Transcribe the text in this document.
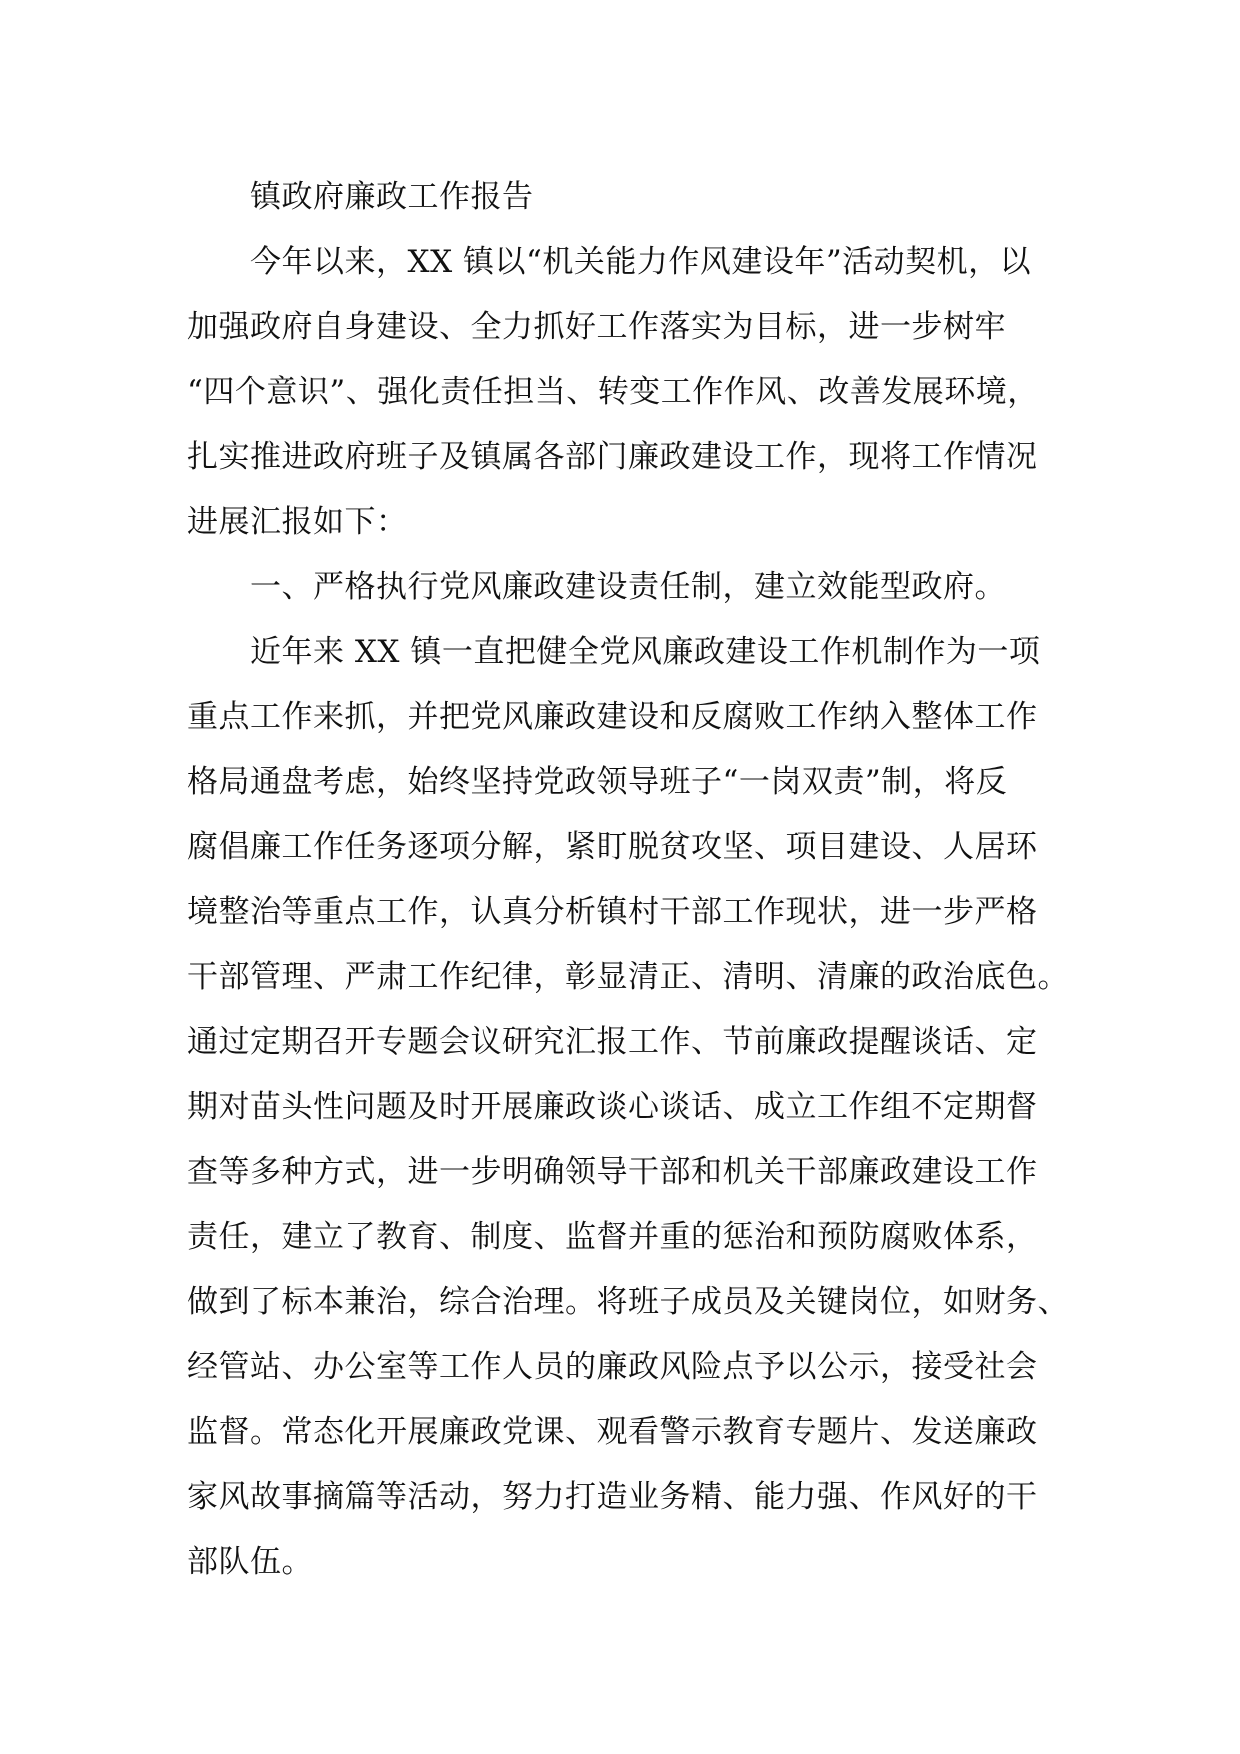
镇政府廉政工作报告
今年以来，XX 镇以“机关能力作风建设年”活动契机，以
加强政府自身建设、全力抓好工作落实为目标，进一步树牢
“四个意识”、强化责任担当、转变工作作风、改善发展环境，
扎实推进政府班子及镇属各部门廉政建设工作，现将工作情况
进展汇报如下：
一、严格执行党风廉政建设责任制，建立效能型政府。
近年来 XX 镇一直把健全党风廉政建设工作机制作为一项
重点工作来抓，并把党风廉政建设和反腐败工作纳入整体工作
格局通盘考虑，始终坚持党政领导班子“一岗双责”制，将反
腐倡廉工作任务逐项分解，紧盯脱贫攻坚、项目建设、人居环
境整治等重点工作，认真分析镇村干部工作现状，进一步严格
干部管理、严肃工作纪律，彰显清正、清明、清廉的政治底色。
通过定期召开专题会议研究汇报工作、节前廉政提醒谈话、定
期对苗头性问题及时开展廉政谈心谈话、成立工作组不定期督
查等多种方式，进一步明确领导干部和机关干部廉政建设工作
责任，建立了教育、制度、监督并重的惩治和预防腐败体系，
做到了标本兼治，综合治理。将班子成员及关键岗位，如财务、
经管站、办公室等工作人员的廉政风险点予以公示，接受社会
监督。常态化开展廉政党课、观看警示教育专题片、发送廉政
家风故事摘篇等活动，努力打造业务精、能力强、作风好的干
部队伍。
